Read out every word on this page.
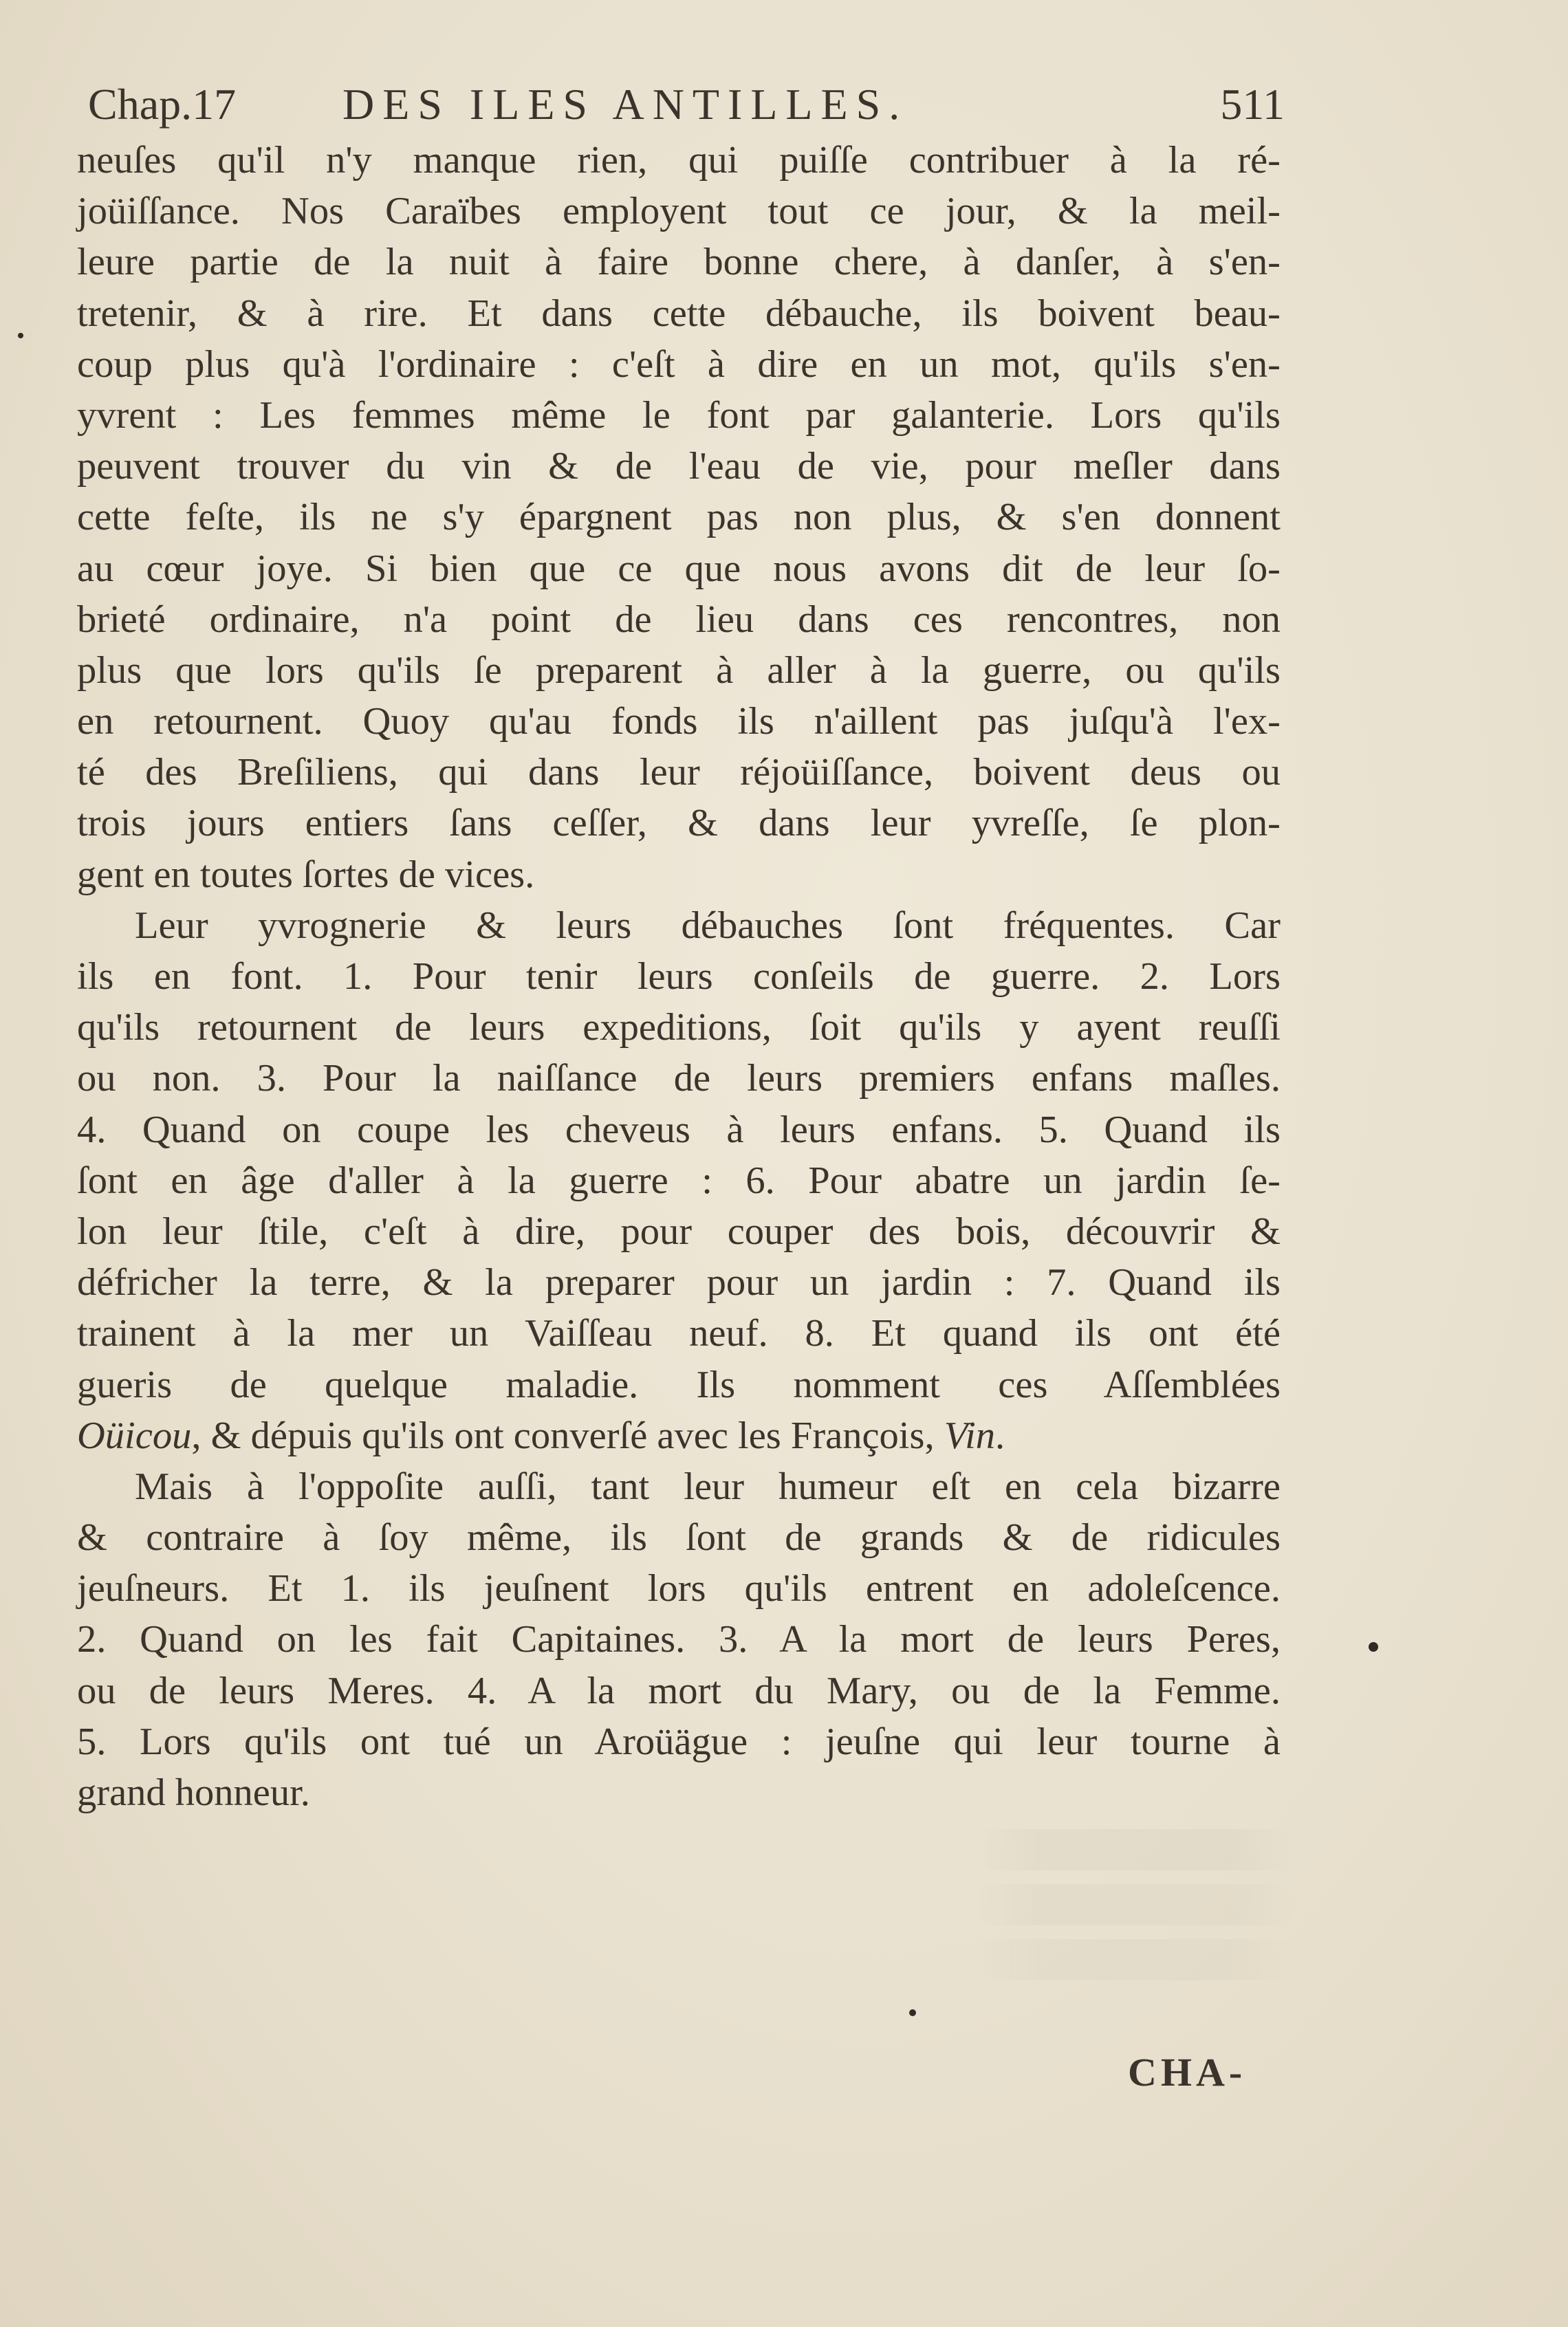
Chap.17 DES ILES ANTILLES.	511
neuſes qu'il n'y manque rien, qui puiſſe contribuer à la ré-
joüiſſance. Nos Caraïbes employent tout ce jour, & la meil-
leure partie de la nuit à faire bonne chere, à danſer, à s'en-
tretenir, & à rire. Et dans cette débauche, ils boivent beau-
coup plus qu'à l'ordinaire : c'eſt à dire en un mot, qu'ils s'en-
yvrent : Les femmes même le font par galanterie. Lors qu'ils
peuvent trouver du vin & de l'eau de vie, pour meſler dans
cette feſte, ils ne s'y épargnent pas non plus, & s'en donnent
au cœur joye. Si bien que ce que nous avons dit de leur ſo-
brieté ordinaire, n'a point de lieu dans ces rencontres, non
plus que lors qu'ils ſe preparent à aller à la guerre, ou qu'ils
en retournent. Quoy qu'au fonds ils n'aillent pas juſqu'à l'ex-
té des Breſiliens, qui dans leur réjoüiſſance, boivent deus ou
trois jours entiers ſans ceſſer, & dans leur yvreſſe, ſe plon-
gent en toutes ſortes de vices.
Leur yvrognerie & leurs débauches ſont fréquentes. Car
ils en font. 1. Pour tenir leurs conſeils de guerre. 2. Lors
qu'ils retournent de leurs expeditions, ſoit qu'ils y ayent reuſſi
ou non. 3. Pour la naiſſance de leurs premiers enfans maſles.
4. Quand on coupe les cheveus à leurs enfans. 5. Quand ils
ſont en âge d'aller à la guerre : 6. Pour abatre un jardin ſe-
lon leur ſtile, c'eſt à dire, pour couper des bois, découvrir &
défricher la terre, & la preparer pour un jardin : 7. Quand ils
trainent à la mer un Vaiſſeau neuf. 8. Et quand ils ont été
gueris de quelque maladie. Ils nomment ces Aſſemblées
Oüicou, & dépuis qu'ils ont converſé avec les François, Vin.
Mais à l'oppoſite auſſi, tant leur humeur eſt en cela bizarre
& contraire à ſoy même, ils ſont de grands & de ridicules
jeuſneurs. Et 1. ils jeuſnent lors qu'ils entrent en adoleſcence.
2. Quand on les fait Capitaines. 3. A la mort de leurs Peres,
ou de leurs Meres. 4. A la mort du Mary, ou de la Femme.
5. Lors qu'ils ont tué un Aroüägue : jeuſne qui leur tourne à
grand honneur.
CHA-
